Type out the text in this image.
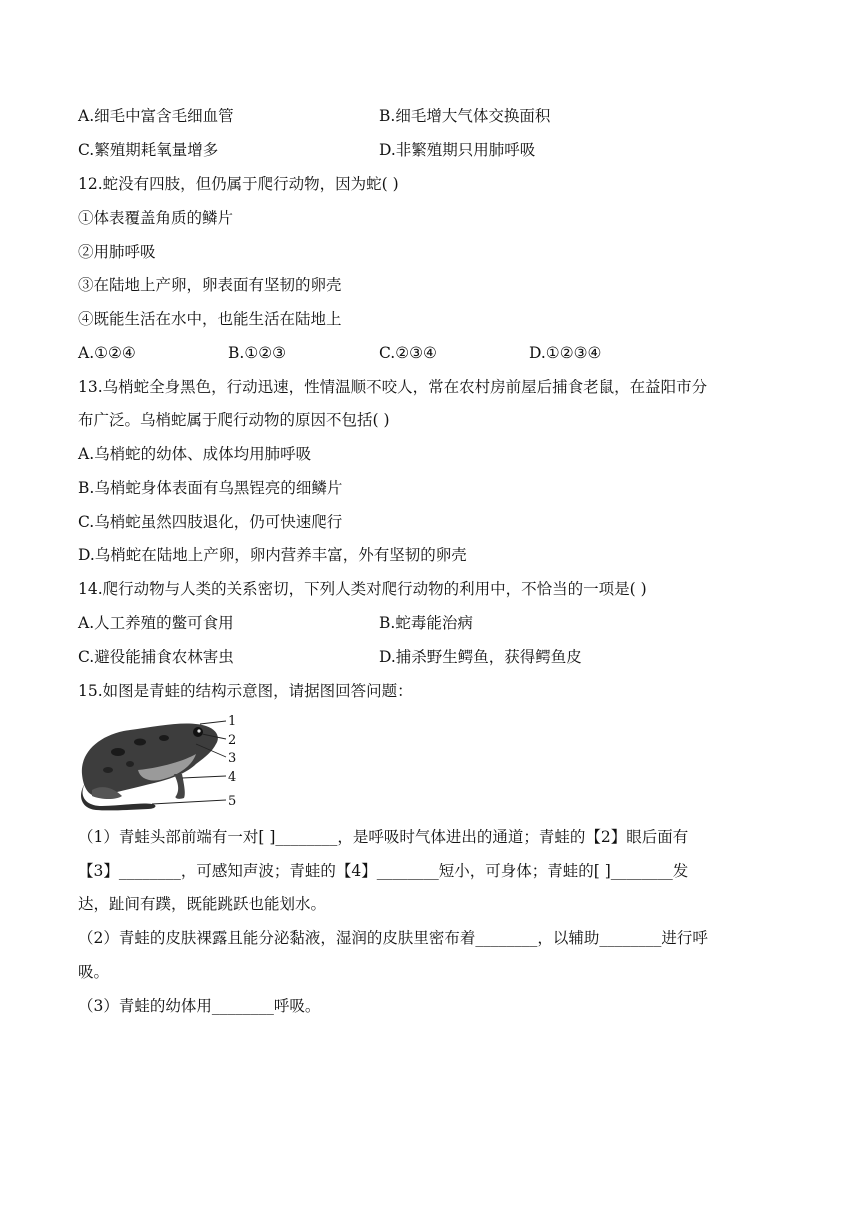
A.细毛中富含毛细血管	B.细毛增大气体交换面积
C.繁殖期耗氧量增多	D.非繁殖期只用肺呼吸
12.蛇没有四肢，但仍属于爬行动物，因为蛇( )
①体表覆盖角质的鳞片
②用肺呼吸
③在陆地上产卵，卵表面有坚韧的卵壳
④既能生活在水中，也能生活在陆地上
A.①②④	B.①②③	C.②③④	D.①②③④
13.乌梢蛇全身黑色，行动迅速，性情温顺不咬人，常在农村房前屋后捕食老鼠，在益阳市分
布广泛。乌梢蛇属于爬行动物的原因不包括( )
A.乌梢蛇的幼体、成体均用肺呼吸
B.乌梢蛇身体表面有乌黑锃亮的细鳞片
C.乌梢蛇虽然四肢退化，仍可快速爬行
D.乌梢蛇在陆地上产卵，卵内营养丰富，外有坚韧的卵壳
14.爬行动物与人类的关系密切，下列人类对爬行动物的利用中，不恰当的一项是( )
A.人工养殖的鳖可食用	B.蛇毒能治病
C.避役能捕食农林害虫	D.捕杀野生鳄鱼，获得鳄鱼皮
15.如图是青蛙的结构示意图，请据图回答问题：
1
2
3
4
5
（1）青蛙头部前端有一对[ ]________，是呼吸时气体进出的通道；青蛙的【2】眼后面有
【3】________，可感知声波；青蛙的【4】________短小，可身体；青蛙的[ ]________发
达，趾间有蹼，既能跳跃也能划水。
（2）青蛙的皮肤裸露且能分泌黏液，湿润的皮肤里密布着________，以辅助________进行呼
吸。
（3）青蛙的幼体用________呼吸。
